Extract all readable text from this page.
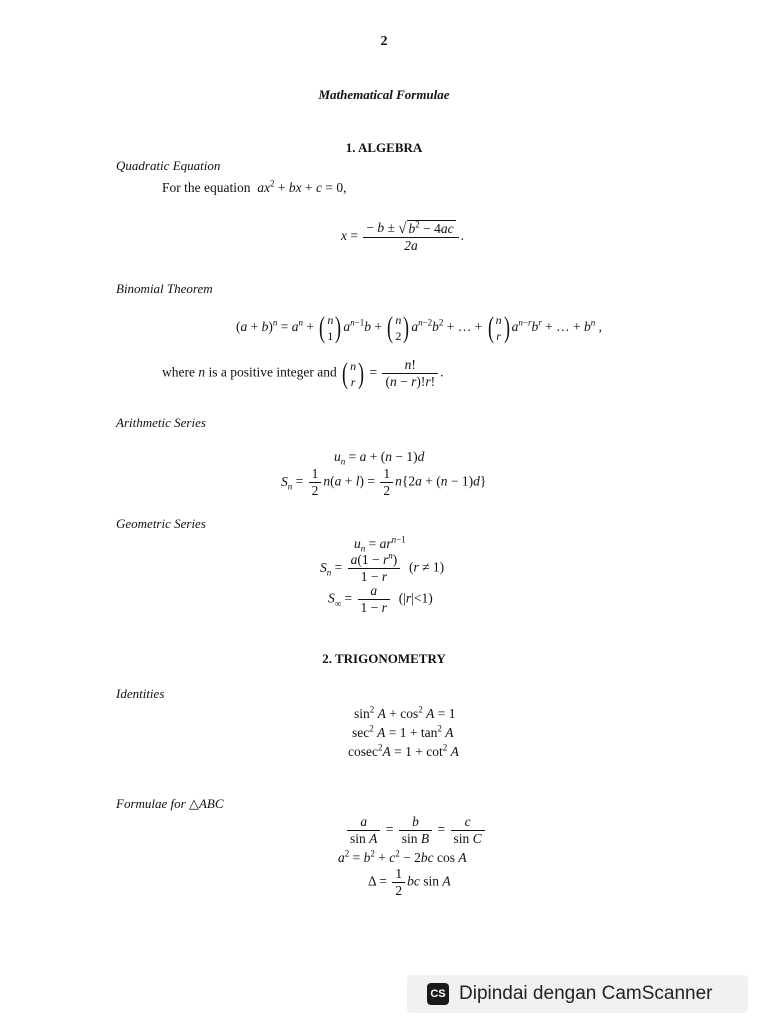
2
Mathematical Formulae
1. ALGEBRA
Quadratic Equation
For the equation $ax^2$ + bx + c = 0,
$x = \frac{- b \pm √ b^2 - 4ac}{2a}$ .
Binomial Theorem
$(a + b)^n = a^n$ + ( n
1 ) $a^{n-1}b$ + ( n
2 ) $a^{n-2}b^2$ + … + ( n
r ) $a^{n-r}b^r$ + … + $b^n$ ,
where n is a positive integer and ( n
r ) = $\frac{n!}{(n - r)!r!}$ .
Arithmetic Series
$u_n = a + (n - 1)d$
$S_n = \frac{1}{2} n(a + l) = \frac{1}{2} n\{2a + (n - 1)d\}$
Geometric Series
$u_n = ar^{n-1}$
$S_n = \frac{a(1 - r^n)}{1 - r} (r \ne 1)$
$S_\infty = \frac{a}{1 - r} (|r|<1)$
2. TRIGONOMETRY
Identities
$\sin^2 A + \cos^2 A = 1$
$\sec^2 A = 1 + \tan^2 A$
$cosec^2A = 1 + \cot^2 A$
Formulae for △ABC
$\frac{a}{\text{sin A}} = \frac{b}{\text{sin B}} = \frac{c}{\text{sin C}}$
$a^2 = b^2 + c^2 - 2bc$ cos A
$\Delta = \frac{1}{2}$ bc sin A
CS Dipindai dengan CamScanner
